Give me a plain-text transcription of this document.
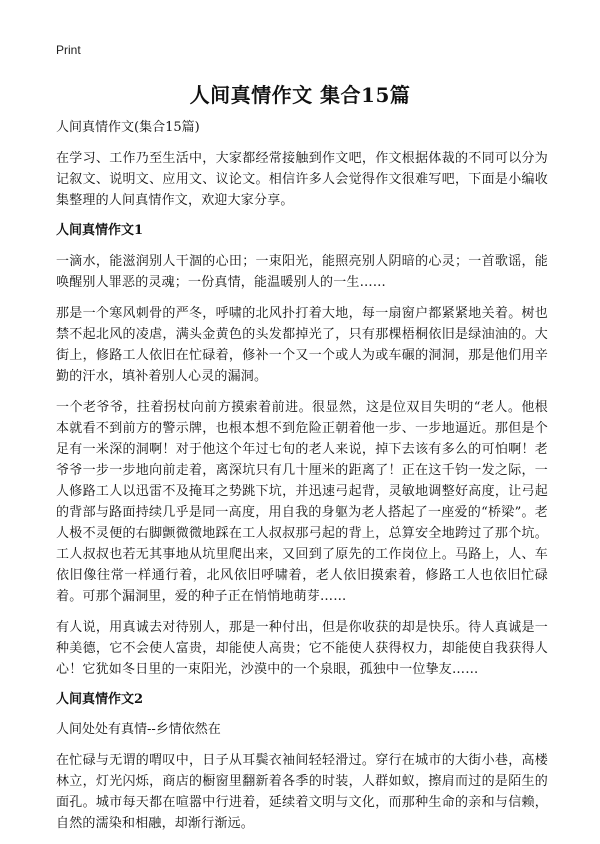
Print
人间真情作文 集合15篇

人间真情作文(集合15篇)

在学习、工作乃至生活中，大家都经常接触到作文吧，作文根据体裁的不同可以分为记叙文、说明文、应用文、议论文。相信许多人会觉得作文很难写吧，下面是小编收集整理的人间真情作文，欢迎大家分享。

人间真情作文1

一滴水，能滋润别人干涸的心田；一束阳光，能照亮别人阴暗的心灵；一首歌谣，能唤醒别人罪恶的灵魂；一份真情，能温暖别人的一生……

那是一个寒风刺骨的严冬，呼啸的北风扑打着大地，每一扇窗户都紧紧地关着。树也禁不起北风的凌虐，满头金黄色的头发都掉光了，只有那棵梧桐依旧是绿油油的。大街上，修路工人依旧在忙碌着，修补一个又一个或人为或车碾的洞洞，那是他们用辛勤的汗水，填补着别人心灵的漏洞。

一个老爷爷，拄着拐杖向前方摸索着前进。很显然，这是位双目失明的“老人。他根本就看不到前方的警示牌，也根本想不到危险正朝着他一步、一步地逼近。那但是个足有一米深的洞啊！对于他这个年过七旬的老人来说，掉下去该有多么的可怕啊！老爷爷一步一步地向前走着，离深坑只有几十厘米的距离了！正在这千钧一发之际，一人修路工人以迅雷不及掩耳之势跳下坑，并迅速弓起背，灵敏地调整好高度，让弓起的背部与路面持续几乎是同一高度，用自我的身躯为老人搭起了一座爱的“桥梁”。老人极不灵便的右脚颤微微地踩在工人叔叔那弓起的背上，总算安全地跨过了那个坑。工人叔叔也若无其事地从坑里爬出来，又回到了原先的工作岗位上。马路上，人、车依旧像往常一样通行着，北风依旧呼啸着，老人依旧摸索着，修路工人也依旧忙碌着。可那个漏洞里，爱的种子正在悄悄地萌芽……

有人说，用真诚去对待别人，那是一种付出，但是你收获的却是快乐。待人真诚是一种美德，它不会使人富贵，却能使人高贵；它不能使人获得权力，却能使自我获得人心！它犹如冬日里的一束阳光，沙漠中的一个泉眼，孤独中一位挚友……

人间真情作文2

人间处处有真情--乡情依然在

在忙碌与无谓的喟叹中，日子从耳鬓衣袖间轻轻滑过。穿行在城市的大街小巷，高楼林立，灯光闪烁，商店的橱窗里翻新着各季的时装，人群如蚁，擦肩而过的是陌生的面孔。城市每天都在喧嚣中行进着，延续着文明与文化，而那种生命的亲和与信赖，自然的濡染和相融，却渐行渐远。
